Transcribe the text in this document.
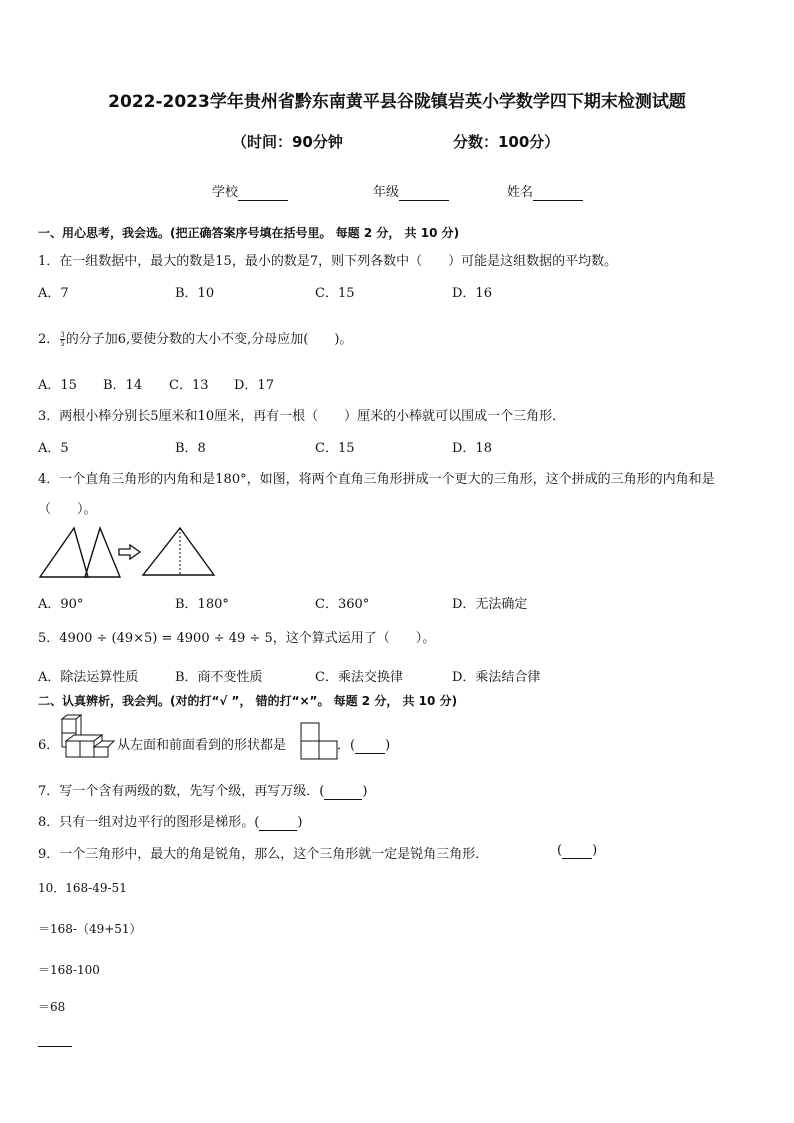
2022-2023学年贵州省黔东南黄平县谷陇镇岩英小学数学四下期末检测试题
（时间：90分钟	分数：100分）
学校	年级	姓名
一、用心思考，我会选。(把正确答案序号填在括号里。 每题 2 分， 共 10 分)
1．在一组数据中，最大的数是15，最小的数是7，则下列各数中（　　）可能是这组数据的平均数。
A．7	B．10	C．15	D．16
2． $\frac{3}{5}$ 的分子加6,要使分数的大小不变,分母应加(　　)。
A．15 B．14 C．13 D．17
3．两根小棒分别长5厘米和10厘米，再有一根（　　）厘米的小棒就可以围成一个三角形．
A．5	B．8	C．15	D．18
4．一个直角三角形的内角和是180°，如图，将两个直角三角形拼成一个更大的三角形，这个拼成的三角形的内角和是
（　　）。
A．90°	B．180°	C．360°	D．无法确定
5．4900 ÷ (49×5) = 4900 ÷ 49 ÷ 5，这个算式运用了（　　）。
A．除法运算性质	B．商不变性质	C．乘法交换律	D．乘法结合律
二、认真辨析，我会判。(对的打“√ ”， 错的打“×”。 每题 2 分， 共 10 分)
6．	从左面和前面看到的形状都是	．( )
7．写一个含有两级的数，先写个级，再写万级．(	)
8．只有一组对边平行的图形是梯形。(	)
9．一个三角形中，最大的角是锐角，那么，这个三角形就一定是锐角三角形．	( )
10．168-49-51
＝168-（49+51）
＝168-100
＝68
